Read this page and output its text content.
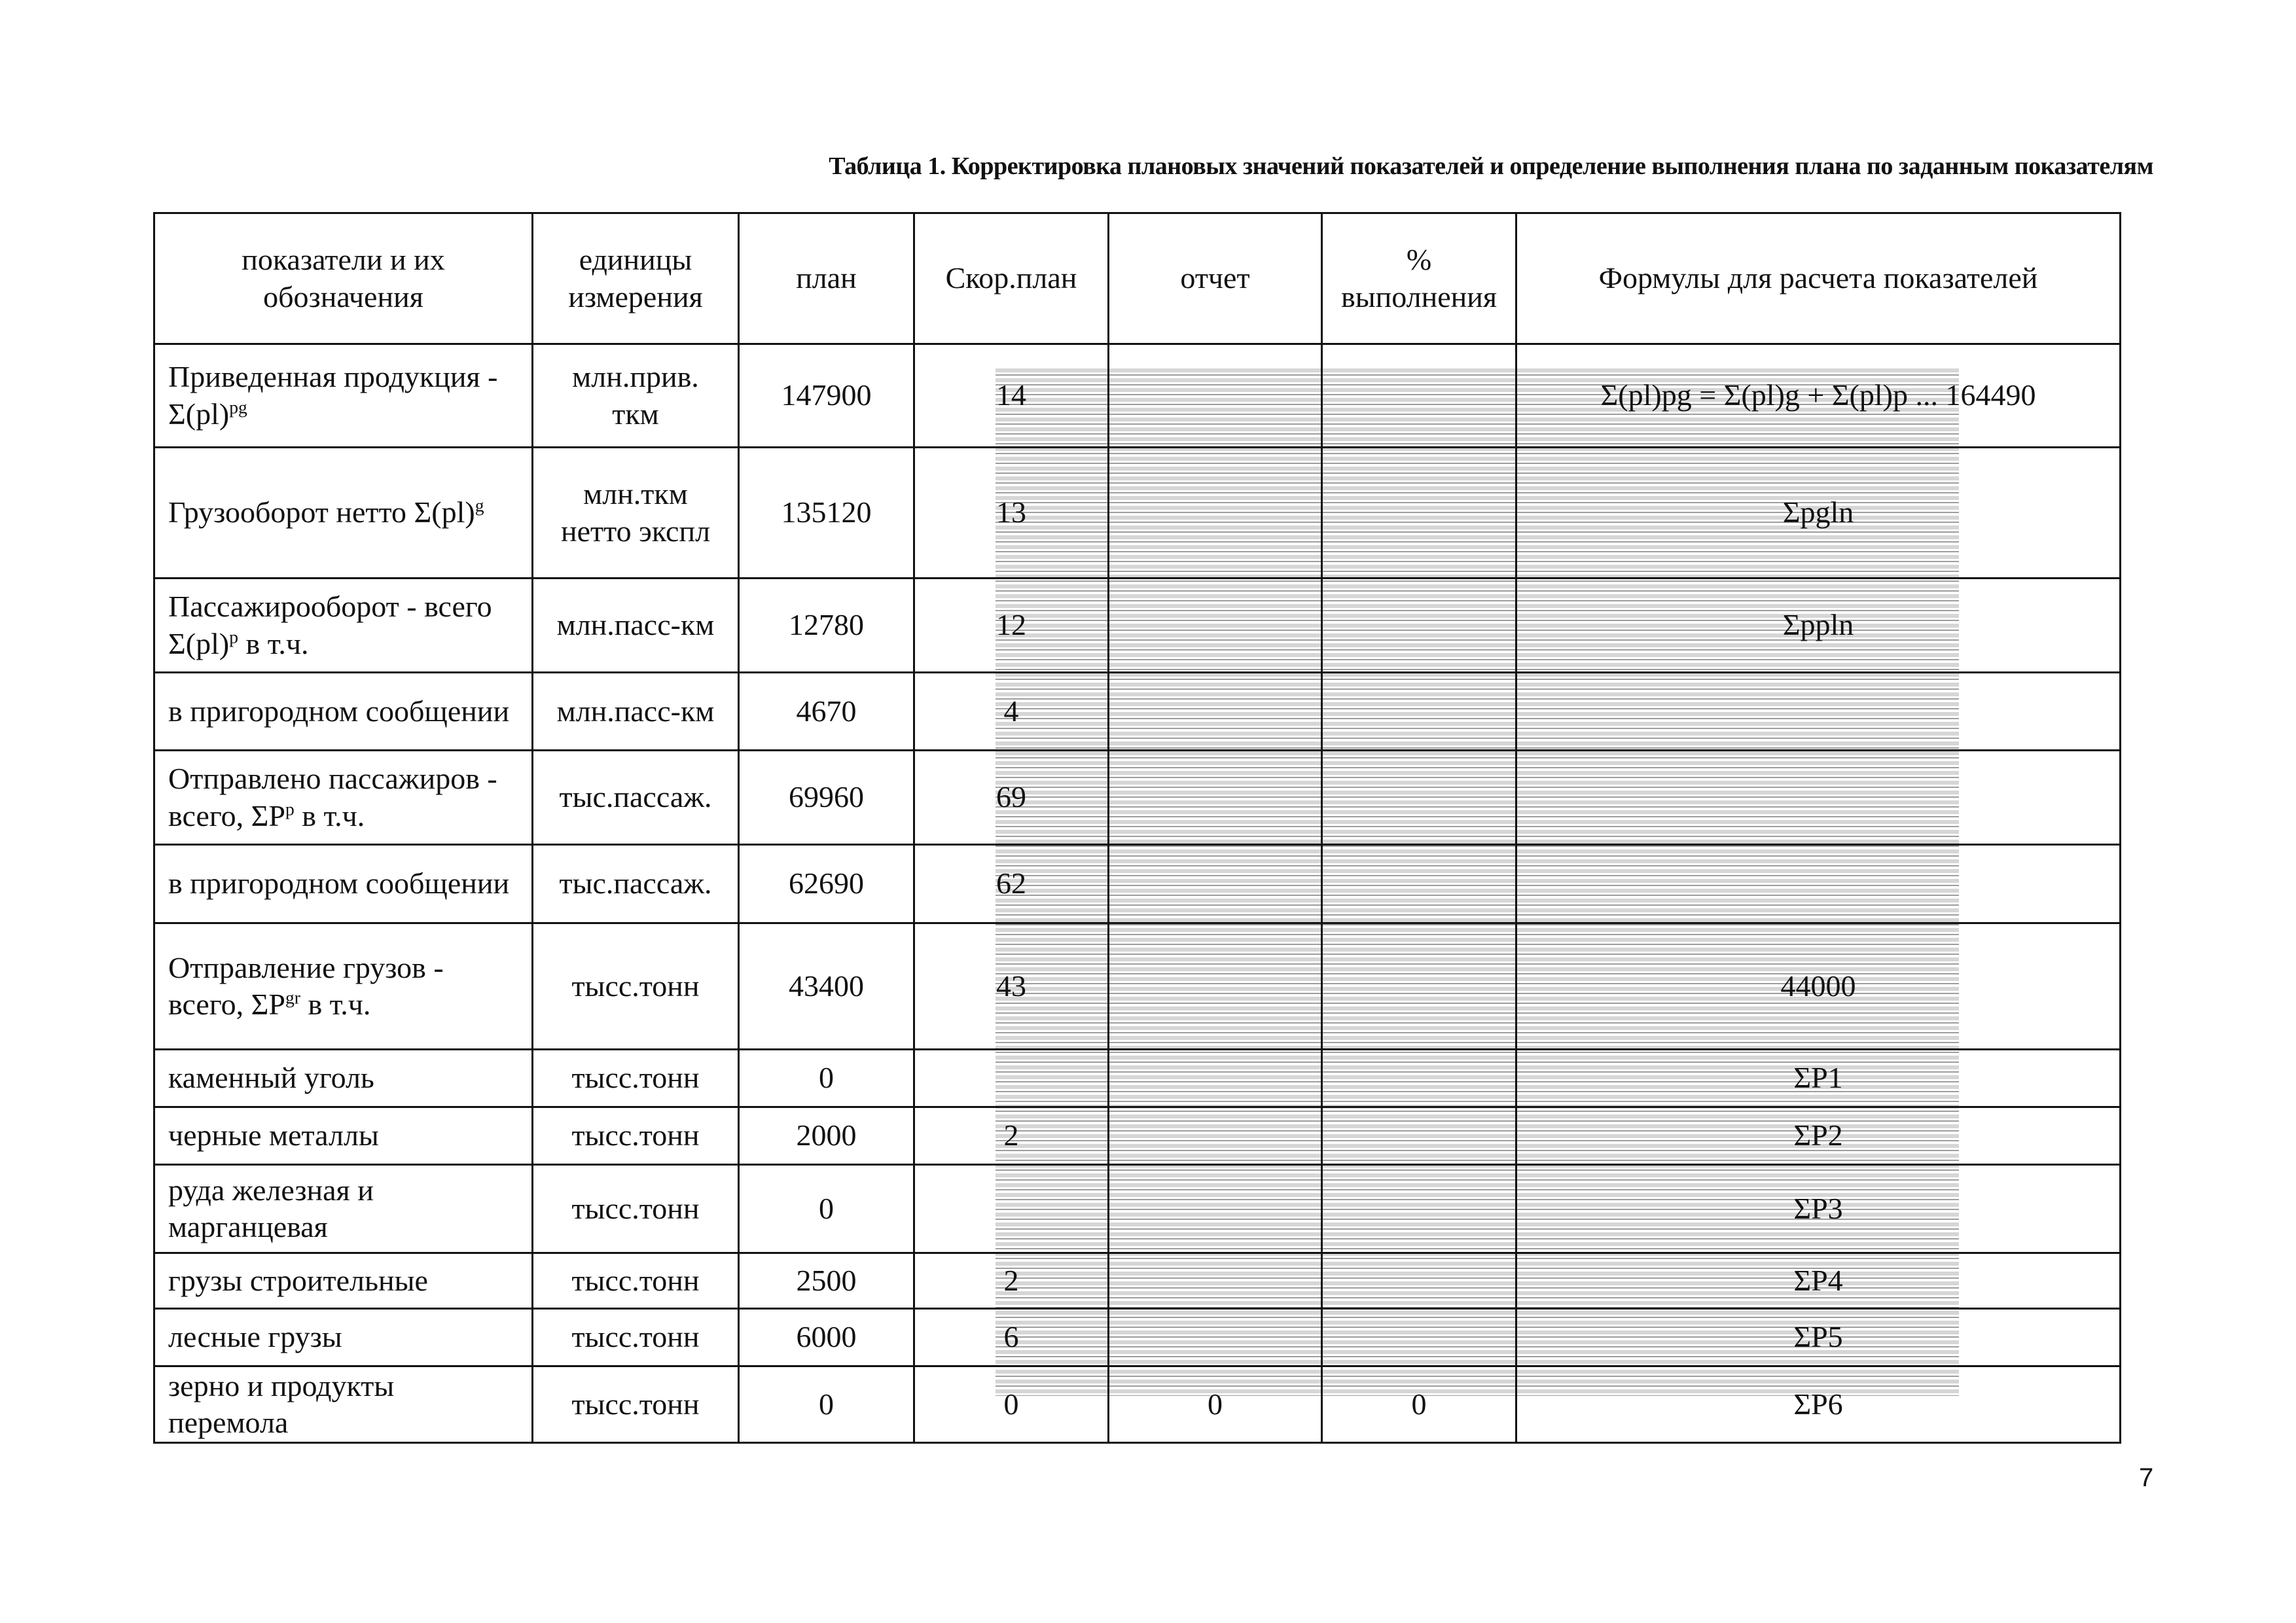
Таблица 1. Корректировка плановых значений показателей и определение выполнения плана по заданным показателям
показатели и их обозначения	единицы измерения	план	Скор.план	отчет	% выполнения	Формулы для расчета показателей
Приведенная продукция - Σ(pl)$^{pg}$	млн.прив. ткм	147900	14			Σ(pl)pg = Σ(pl)g + Σ(pl)p ... 164490
Грузооборот нетто Σ(pl)$^g$	млн.ткм нетто экспл	135120	13			Σpgln
Пассажирооборот - всего Σ(pl)$^p$ в т.ч.	млн.пасс-км	12780	12			Σppln
в пригородном сообщении	млн.пасс-км	4670	4			
Отправлено пассажиров - всего, $\Sigma P^p$ в т.ч.	тыс.пассаж.	69960	69			
в пригородном сообщении	тыс.пассаж.	62690	62			
Отправление грузов - всего, $\Sigma P^{gr}$ в т.ч.	тысс.тонн	43400	43			44000
каменный уголь	тысс.тонн	0				ΣP1
черные металлы	тысс.тонн	2000	2			ΣP2
руда железная и марганцевая	тысс.тонн	0				ΣP3
грузы строительные	тысс.тонн	2500	2			ΣP4
лесные грузы	тысс.тонн	6000	6			ΣP5
зерно и продукты перемола	тысс.тонн	0	0	0	0	ΣP6
7
